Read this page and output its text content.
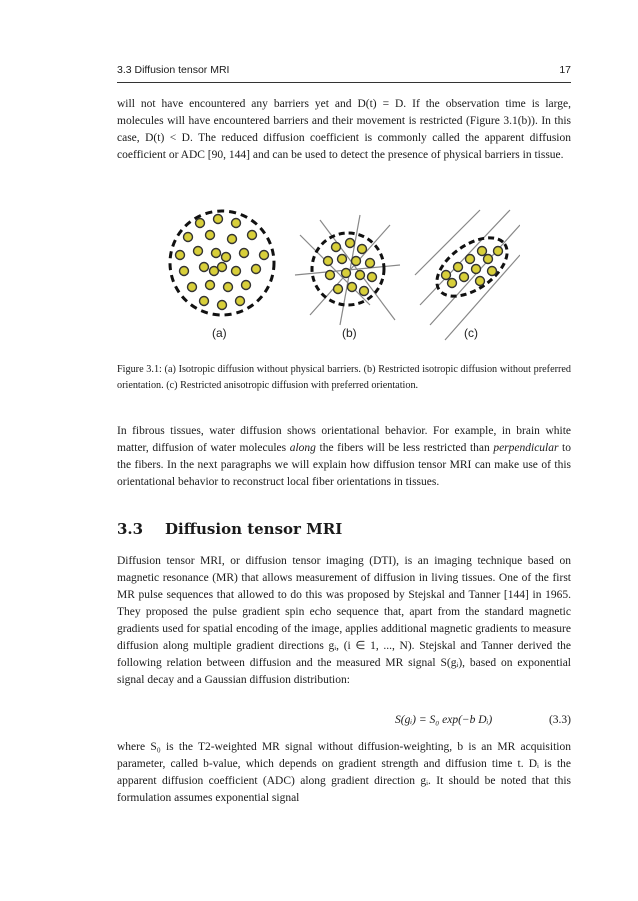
3.3 Diffusion tensor MRI	17

will not have encountered any barriers yet and D(t) = D. If the observation time is large, molecules will have encountered barriers and their movement is restricted (Figure 3.1(b)). In this case, D(t) < D. The reduced diffusion coefficient is commonly called the apparent diffusion coefficient or ADC [90, 144] and can be used to detect the presence of physical barriers in tissue.

(a)	(b)	(c)

Figure 3.1: (a) Isotropic diffusion without physical barriers. (b) Restricted isotropic diffusion without preferred orientation. (c) Restricted anisotropic diffusion with preferred orientation.

In fibrous tissues, water diffusion shows orientational behavior. For example, in brain white matter, diffusion of water molecules along the fibers will be less restricted than perpendicular to the fibers. In the next paragraphs we will explain how diffusion tensor MRI can make use of this orientational behavior to reconstruct local fiber orientations in tissues.

3.3 Diffusion tensor MRI

Diffusion tensor MRI, or diffusion tensor imaging (DTI), is an imaging technique based on magnetic resonance (MR) that allows measurement of diffusion in living tissues. One of the first MR pulse sequences that allowed to do this was proposed by Stejskal and Tanner [144] in 1965. They proposed the pulse gradient spin echo sequence that, apart from the standard magnetic gradients used for spatial encoding of the image, applies additional magnetic gradients to measure diffusion along multiple gradient directions gᵢ, (i ∈ 1, ..., N). Stejskal and Tanner derived the following relation between diffusion and the measured MR signal S(gᵢ), based on exponential signal decay and a Gaussian diffusion distribution:

S(gᵢ) = S₀ exp(−b Dᵢ)	(3.3)

where S₀ is the T2-weighted MR signal without diffusion-weighting, b is an MR acquisition parameter, called b-value, which depends on gradient strength and diffusion time t. Dᵢ is the apparent diffusion coefficient (ADC) along gradient direction gᵢ. It should be noted that this formulation assumes exponential signal
